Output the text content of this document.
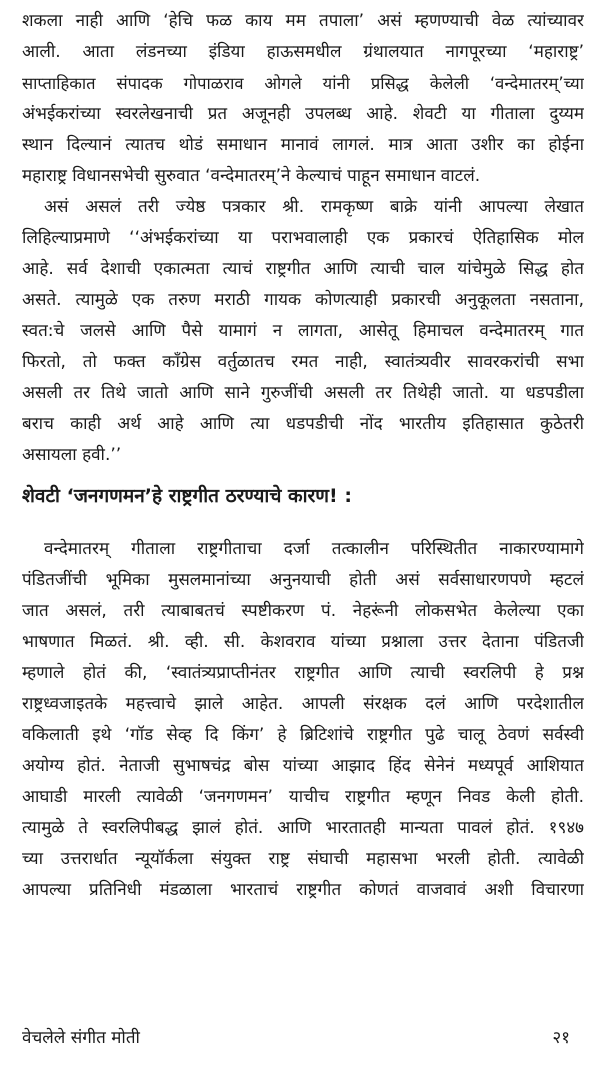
शकला नाही आणि ‘हेचि फळ काय मम तपाला’ असं म्हणण्याची वेळ त्यांच्यावर
आली. आता लंडनच्या इंडिया हाऊसमधील ग्रंथालयात नागपूरच्या ‘महाराष्ट्र’
साप्ताहिकात संपादक गोपाळराव ओगले यांनी प्रसिद्ध केलेली ‘वन्देमातरम्’च्या
अंभईकरांच्या स्वरलेखनाची प्रत अजूनही उपलब्ध आहे. शेवटी या गीताला दुय्यम
स्थान दिल्यानं त्यातच थोडं समाधान मानावं लागलं. मात्र आता उशीर का होईना
महाराष्ट्र विधानसभेची सुरुवात ‘वन्देमातरम्’ने केल्याचं पाहून समाधान वाटलं.
असं असलं तरी ज्येष्ठ पत्रकार श्री. रामकृष्ण बाक्रे यांनी आपल्या लेखात
लिहिल्याप्रमाणे ‘‘अंभईकरांच्या या पराभवालाही एक प्रकारचं ऐतिहासिक मोल
आहे. सर्व देशाची एकात्मता त्याचं राष्ट्रगीत आणि त्याची चाल यांचेमुळे सिद्ध होत
असते. त्यामुळे एक तरुण मराठी गायक कोणत्याही प्रकारची अनुकूलता नसताना,
स्वत:चे जलसे आणि पैसे यामागं न लागता, आसेतू हिमाचल वन्देमातरम् गात
फिरतो, तो फक्त काँग्रेस वर्तुळातच रमत नाही, स्वातंत्र्यवीर सावरकरांची सभा
असली तर तिथे जातो आणि साने गुरुजींची असली तर तिथेही जातो. या धडपडीला
बराच काही अर्थ आहे आणि त्या धडपडीची नोंद भारतीय इतिहासात कुठेतरी
असायला हवी.’’
शेवटी ‘जनगणमन’हे राष्ट्रगीत ठरण्याचे कारण! :
वन्देमातरम् गीताला राष्ट्रगीताचा दर्जा तत्कालीन परिस्थितीत नाकारण्यामागे
पंडितजींची भूमिका मुसलमानांच्या अनुनयाची होती असं सर्वसाधारणपणे म्हटलं
जात असलं, तरी त्याबाबतचं स्पष्टीकरण पं. नेहरूंनी लोकसभेत केलेल्या एका
भाषणात मिळतं. श्री. व्ही. सी. केशवराव यांच्या प्रश्नाला उत्तर देताना पंडितजी
म्हणाले होतं की, ‘स्वातंत्र्यप्राप्तीनंतर राष्ट्रगीत आणि त्याची स्वरलिपी हे प्रश्न
राष्ट्रध्वजाइतके महत्त्वाचे झाले आहेत. आपली संरक्षक दलं आणि परदेशातील
वकिलाती इथे ‘गॉड सेव्ह दि किंग’ हे ब्रिटिशांचे राष्ट्रगीत पुढे चालू ठेवणं सर्वस्वी
अयोग्य होतं. नेताजी सुभाषचंद्र बोस यांच्या आझाद हिंद सेनेनं मध्यपूर्व आशियात
आघाडी मारली त्यावेळी ‘जनगणमन’ याचीच राष्ट्रगीत म्हणून निवड केली होती.
त्यामुळे ते स्वरलिपीबद्ध झालं होतं. आणि भारतातही मान्यता पावलं होतं. १९४७
च्या उत्तरार्धात न्यूयॉर्कला संयुक्त राष्ट्र संघाची महासभा भरली होती. त्यावेळी
आपल्या प्रतिनिधी मंडळाला भारताचं राष्ट्रगीत कोणतं वाजवावं अशी विचारणा
वेचलेले संगीत मोती	२१
